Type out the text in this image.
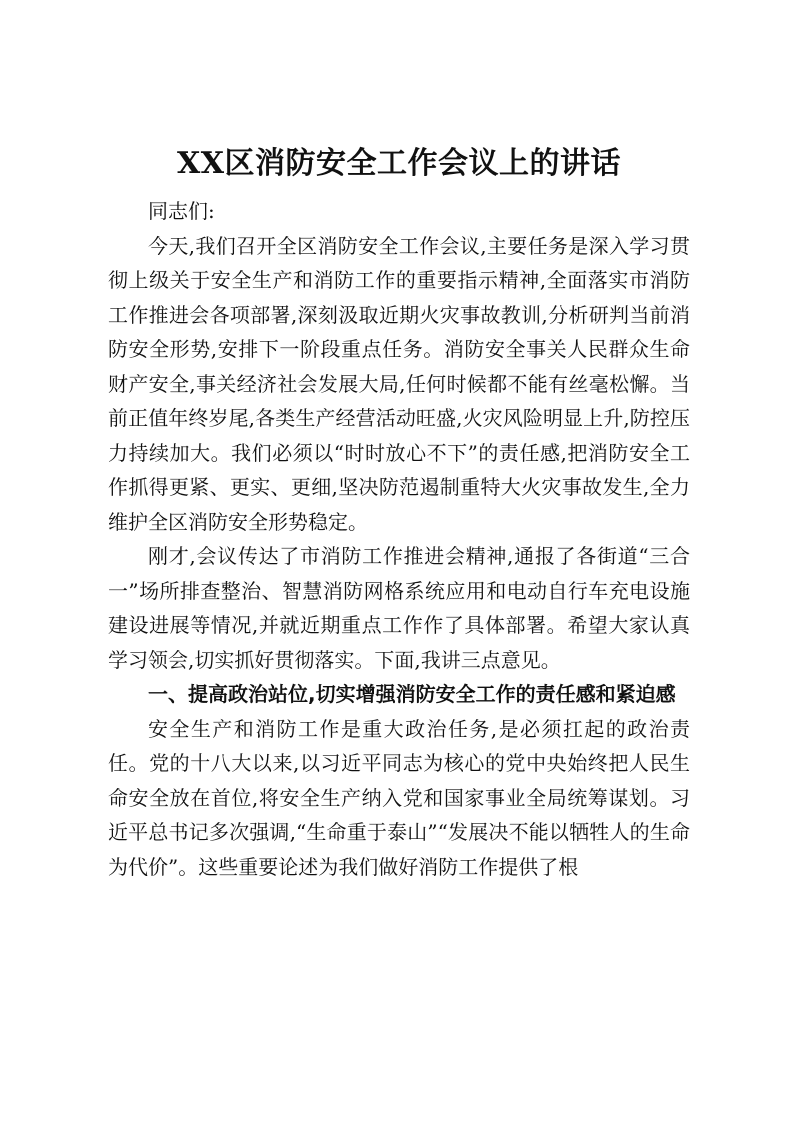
XX区消防安全工作会议上的讲话

同志们:

今天,我们召开全区消防安全工作会议,主要任务是深入学习贯彻上级关于安全生产和消防工作的重要指示精神,全面落实市消防工作推进会各项部署,深刻汲取近期火灾事故教训,分析研判当前消防安全形势,安排下一阶段重点任务。消防安全事关人民群众生命财产安全,事关经济社会发展大局,任何时候都不能有丝毫松懈。当前正值年终岁尾,各类生产经营活动旺盛,火灾风险明显上升,防控压力持续加大。我们必须以“时时放心不下”的责任感,把消防安全工作抓得更紧、更实、更细,坚决防范遏制重特大火灾事故发生,全力维护全区消防安全形势稳定。

刚才,会议传达了市消防工作推进会精神,通报了各街道“三合一”场所排查整治、智慧消防网格系统应用和电动自行车充电设施建设进展等情况,并就近期重点工作作了具体部署。希望大家认真学习领会,切实抓好贯彻落实。下面,我讲三点意见。

一、提高政治站位,切实增强消防安全工作的责任感和紧迫感

安全生产和消防工作是重大政治任务,是必须扛起的政治责任。党的十八大以来,以习近平同志为核心的党中央始终把人民生命安全放在首位,将安全生产纳入党和国家事业全局统筹谋划。习近平总书记多次强调,“生命重于泰山”“发展决不能以牺牲人的生命为代价”。这些重要论述为我们做好消防工作提供了根
